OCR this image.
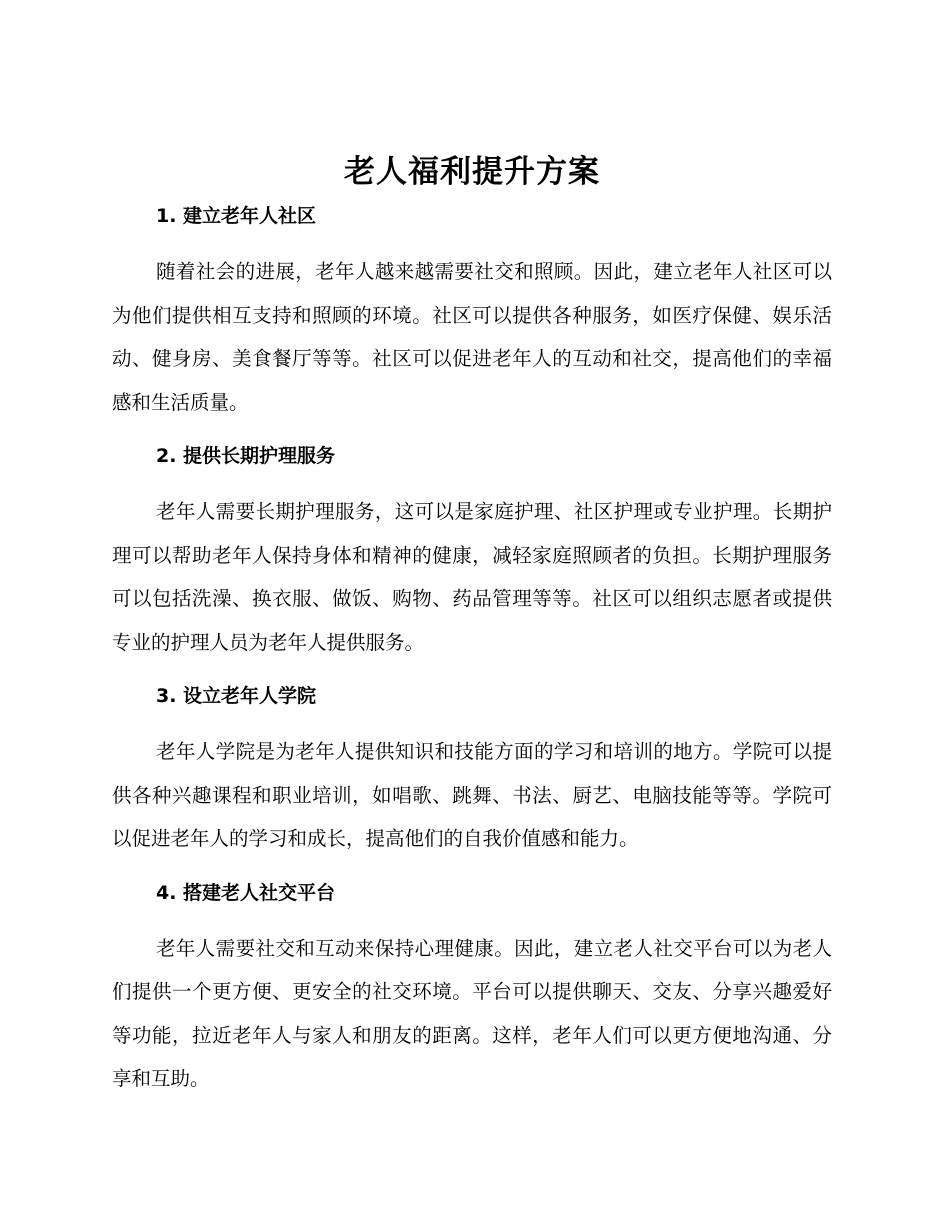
老人福利提升方案
1. 建立老年人社区

随着社会的进展，老年人越来越需要社交和照顾。因此，建立老年人社区可以为他们提供相互支持和照顾的环境。社区可以提供各种服务，如医疗保健、娱乐活动、健身房、美食餐厅等等。社区可以促进老年人的互动和社交，提高他们的幸福感和生活质量。

2. 提供长期护理服务

老年人需要长期护理服务，这可以是家庭护理、社区护理或专业护理。长期护理可以帮助老年人保持身体和精神的健康，减轻家庭照顾者的负担。长期护理服务可以包括洗澡、换衣服、做饭、购物、药品管理等等。社区可以组织志愿者或提供专业的护理人员为老年人提供服务。

3. 设立老年人学院

老年人学院是为老年人提供知识和技能方面的学习和培训的地方。学院可以提供各种兴趣课程和职业培训，如唱歌、跳舞、书法、厨艺、电脑技能等等。学院可以促进老年人的学习和成长，提高他们的自我价值感和能力。

4. 搭建老人社交平台

老年人需要社交和互动来保持心理健康。因此，建立老人社交平台可以为老人们提供一个更方便、更安全的社交环境。平台可以提供聊天、交友、分享兴趣爱好等功能，拉近老年人与家人和朋友的距离。这样，老年人们可以更方便地沟通、分享和互助。
